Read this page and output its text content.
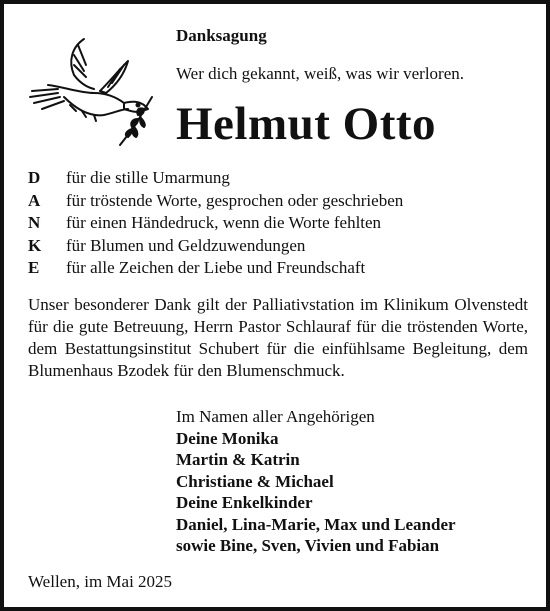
Danksagung
Wer dich gekannt, weiß, was wir verloren.
Helmut Otto
D	für die stille Umarmung
A	für tröstende Worte, gesprochen oder geschrieben
N	für einen Händedruck, wenn die Worte fehlten
K	für Blumen und Geldzuwendungen
E	für alle Zeichen der Liebe und Freundschaft
Unser besonderer Dank gilt der Palliativstation im Klinikum Olvenstedt für die gute Betreuung, Herrn Pastor Schlauraf für die tröstenden Worte, dem Bestattungsinstitut Schubert für die einfühlsame Begleitung, dem Blumenhaus Bzodek für den Blumenschmuck.
Im Namen aller Angehörigen
Deine Monika
Martin & Katrin
Christiane & Michael
Deine Enkelkinder
Daniel, Lina-Marie, Max und Leander
sowie Bine, Sven, Vivien und Fabian
Wellen, im Mai 2025
